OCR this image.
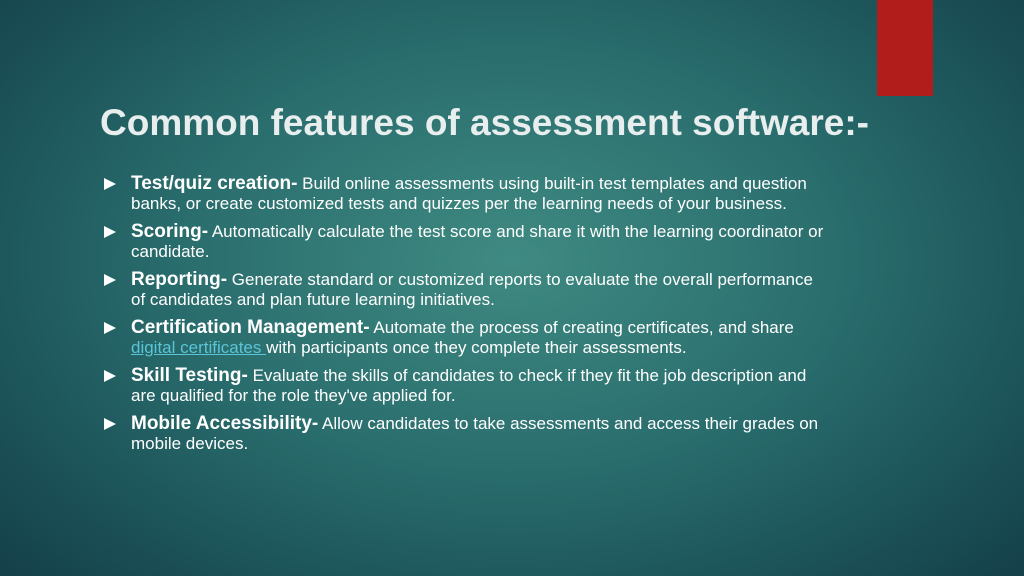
Common features of assessment software:-
Test/quiz creation- Build online assessments using built-in test templates and question banks, or create customized tests and quizzes per the learning needs of your business.
Scoring- Automatically calculate the test score and share it with the learning coordinator or candidate.
Reporting- Generate standard or customized reports to evaluate the overall performance of candidates and plan future learning initiatives.
Certification Management- Automate the process of creating certificates, and share digital certificates with participants once they complete their assessments.
Skill Testing- Evaluate the skills of candidates to check if they fit the job description and are qualified for the role they've applied for.
Mobile Accessibility- Allow candidates to take assessments and access their grades on mobile devices.
